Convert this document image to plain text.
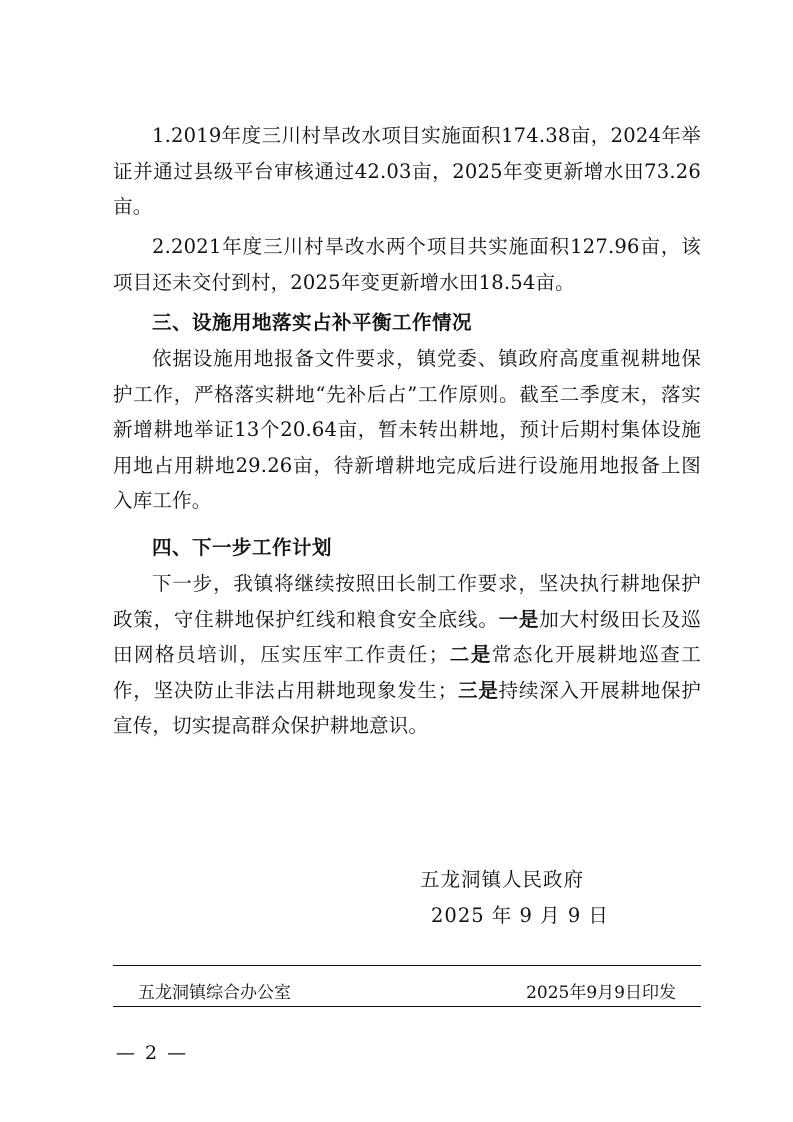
1.2019年度三川村旱改水项目实施面积174.38亩，2024年举证并通过县级平台审核通过42.03亩，2025年变更新增水田73.26亩。

2.2021年度三川村旱改水两个项目共实施面积127.96亩，该项目还未交付到村，2025年变更新增水田18.54亩。

三、设施用地落实占补平衡工作情况

依据设施用地报备文件要求，镇党委、镇政府高度重视耕地保护工作，严格落实耕地“先补后占”工作原则。截至二季度末，落实新增耕地举证13个20.64亩，暂未转出耕地，预计后期村集体设施用地占用耕地29.26亩，待新增耕地完成后进行设施用地报备上图入库工作。

四、下一步工作计划

下一步，我镇将继续按照田长制工作要求，坚决执行耕地保护政策，守住耕地保护红线和粮食安全底线。一是加大村级田长及巡田网格员培训，压实压牢工作责任；二是常态化开展耕地巡查工作，坚决防止非法占用耕地现象发生；三是持续深入开展耕地保护宣传，切实提高群众保护耕地意识。

五龙洞镇人民政府
2025 年 9 月 9 日
五龙洞镇综合办公室	2025年9月9日印发
— 2 —
